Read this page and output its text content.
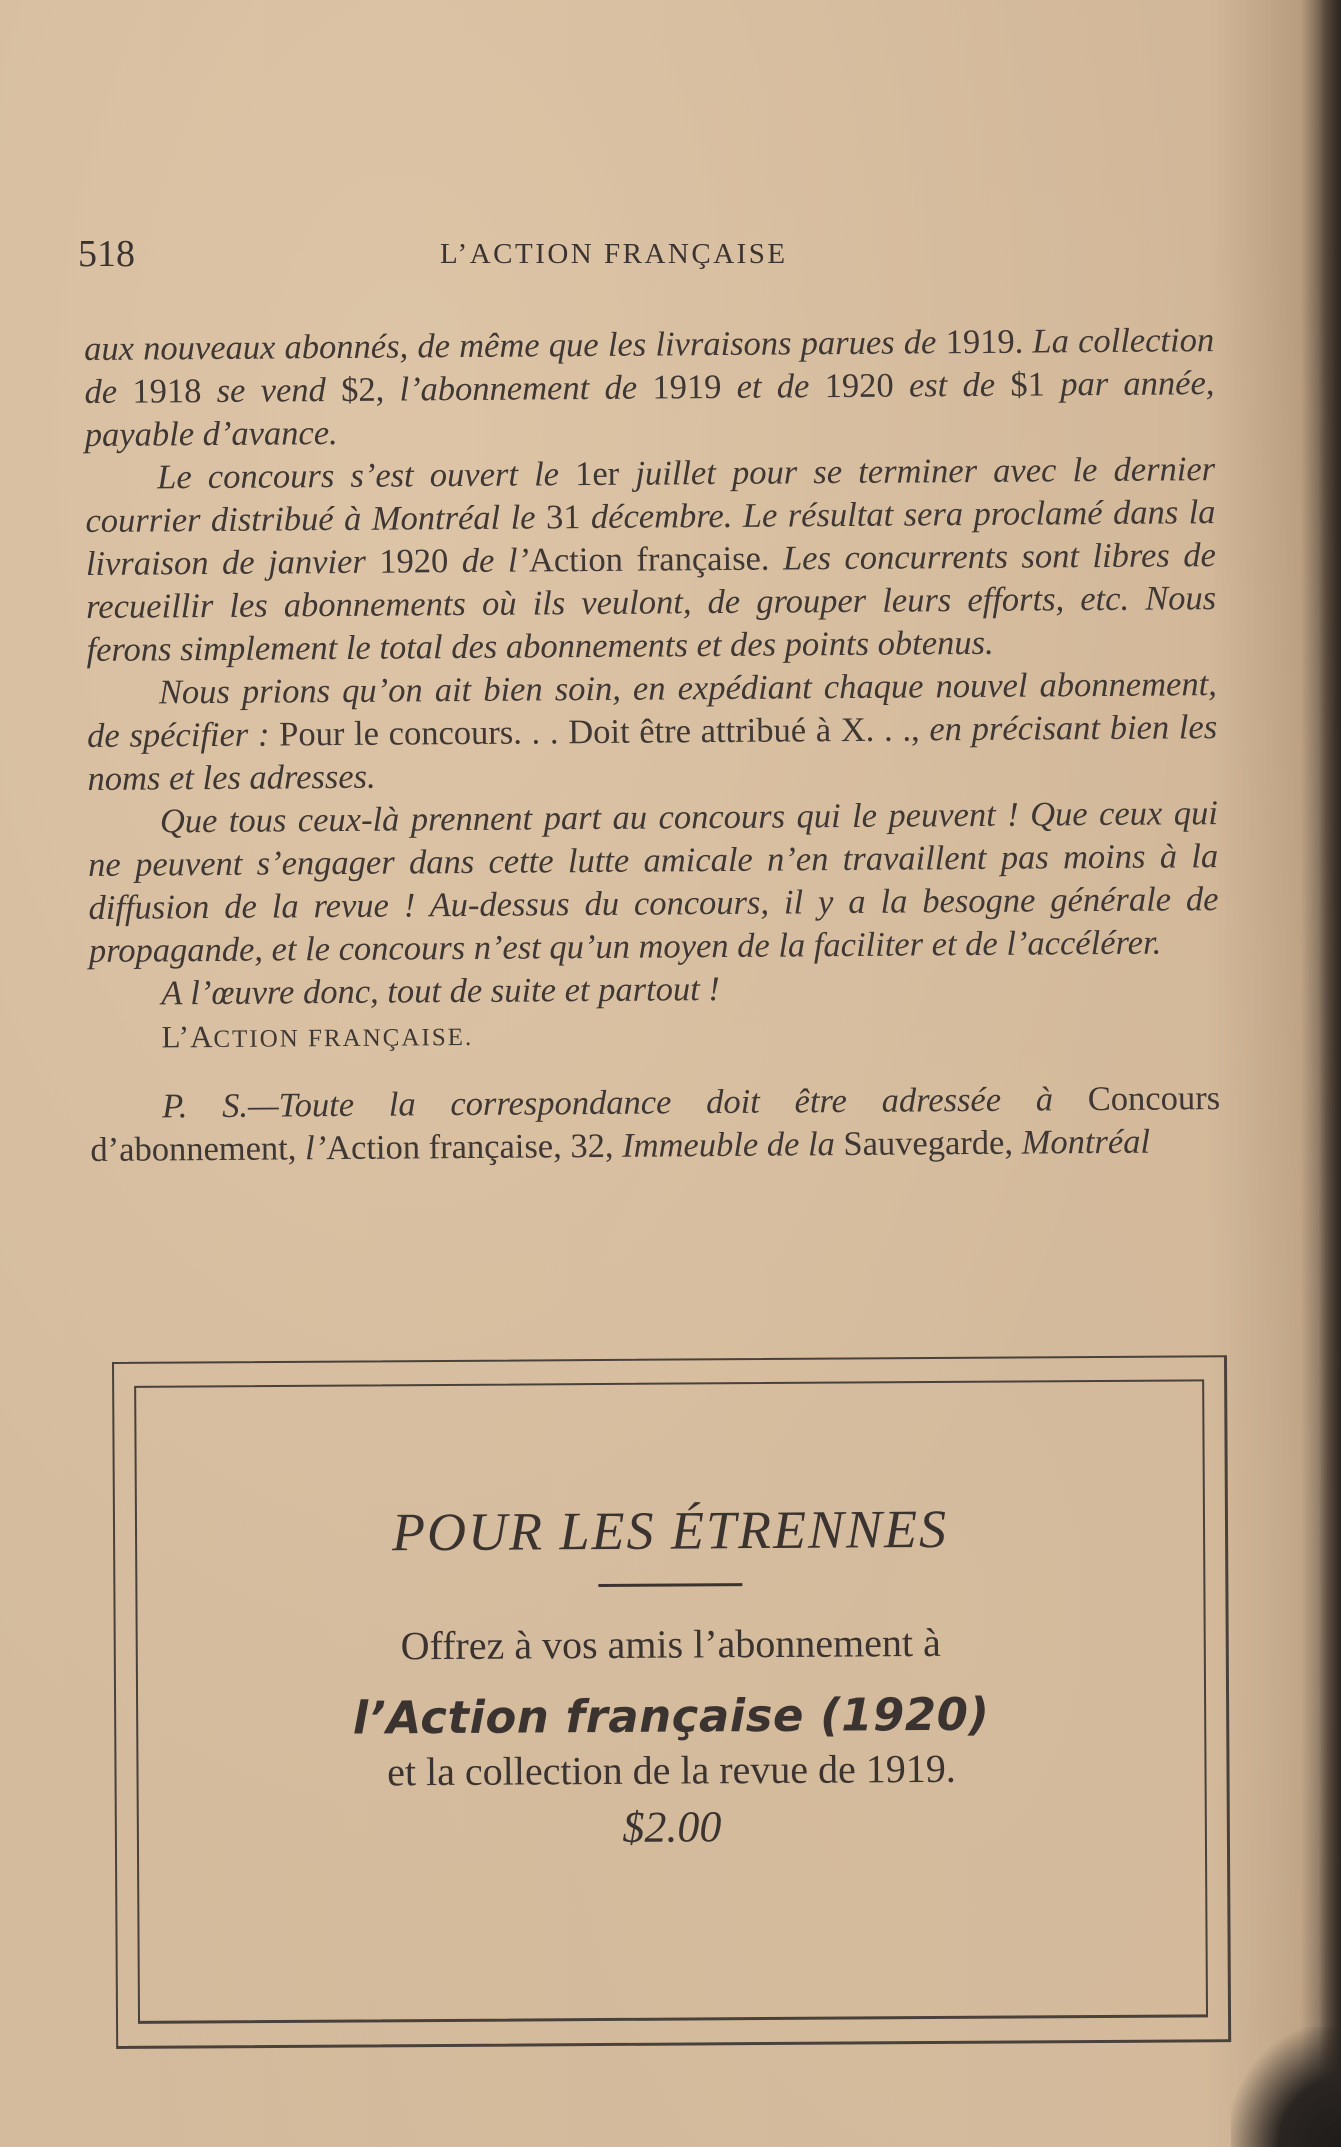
518	L’ACTION FRANÇAISE

aux nouveaux abonnés, de même que les livraisons parues de 1919. La collection de 1918 se vend $2, l’abonnement de 1919 et de 1920 est de $1 par année, payable d’avance.

Le concours s’est ouvert le 1er juillet pour se terminer avec le dernier courrier distribué à Montréal le 31 décembre. Le résultat sera proclamé dans la livraison de janvier 1920 de l’Action française. Les concurrents sont libres de recueillir les abonnements où ils veulont, de grouper leurs efforts, etc. Nous ferons simplement le total des abonnements et des points obtenus.

Nous prions qu’on ait bien soin, en expédiant chaque nouvel abonnement, de spécifier : Pour le concours. . . Doit être attribué à X. . ., en précisant bien les noms et les adresses.

Que tous ceux-là prennent part au concours qui le peuvent ! Que ceux qui ne peuvent s’engager dans cette lutte amicale n’en travaillent pas moins à la diffusion de la revue ! Au-dessus du concours, il y a la besogne générale de propagande, et le concours n’est qu’un moyen de la faciliter et de l’accélérer.

A l’œuvre donc, tout de suite et partout !

L’ACTION FRANÇAISE.

P. S.—Toute la correspondance doit être adressée à Concours d’abonnement, l’Action française, 32, Immeuble de la Sauvegarde, Montréal

POUR LES ÉTRENNES
Offrez à vos amis l’abonnement à
l’Action française (1920)
et la collection de la revue de 1919.
$2.00
